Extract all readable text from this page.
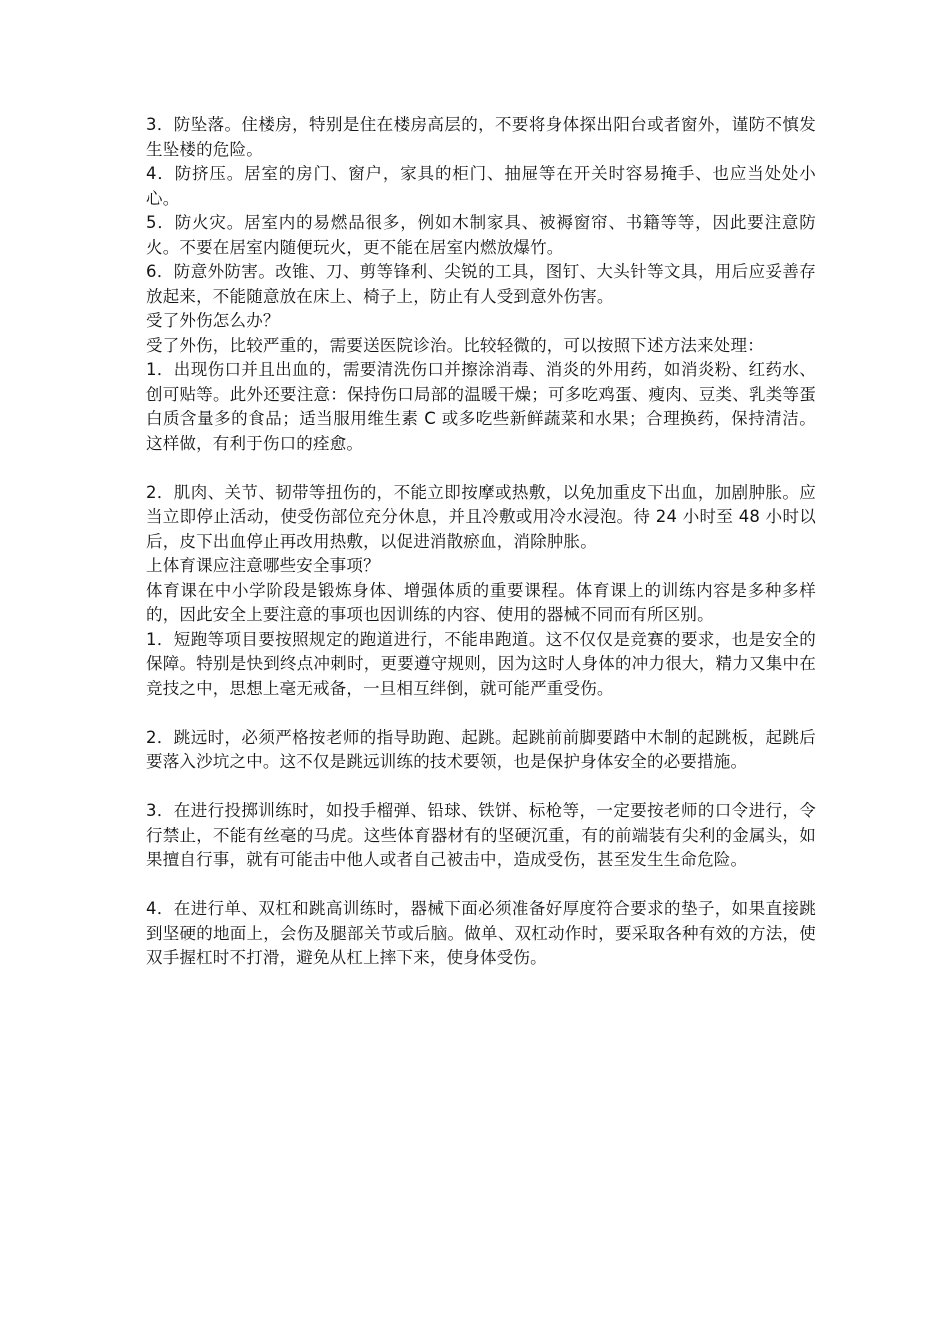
3．防坠落。住楼房，特别是住在楼房高层的，不要将身体探出阳台或者窗外，谨防不慎发生坠楼的危险。

4．防挤压。居室的房门、窗户，家具的柜门、抽屉等在开关时容易掩手、也应当处处小心。

5．防火灾。居室内的易燃品很多，例如木制家具、被褥窗帘、书籍等等，因此要注意防火。不要在居室内随便玩火，更不能在居室内燃放爆竹。

6．防意外防害。改锥、刀、剪等锋利、尖锐的工具，图钉、大头针等文具，用后应妥善存放起来，不能随意放在床上、椅子上，防止有人受到意外伤害。

受了外伤怎么办？

受了外伤，比较严重的，需要送医院诊治。比较轻微的，可以按照下述方法来处理：

1．出现伤口并且出血的，需要清洗伤口并擦涂消毒、消炎的外用药，如消炎粉、红药水、创可贴等。此外还要注意：保持伤口局部的温暖干燥；可多吃鸡蛋、瘦肉、豆类、乳类等蛋白质含量多的食品；适当服用维生素 C 或多吃些新鲜蔬菜和水果；合理换药，保持清洁。这样做，有利于伤口的痊愈。

2．肌肉、关节、韧带等扭伤的，不能立即按摩或热敷，以免加重皮下出血，加剧肿胀。应当立即停止活动，使受伤部位充分休息，并且冷敷或用冷水浸泡。待 24 小时至 48 小时以后，皮下出血停止再改用热敷，以促进消散瘀血，消除肿胀。

上体育课应注意哪些安全事项？

体育课在中小学阶段是锻炼身体、增强体质的重要课程。体育课上的训练内容是多种多样的，因此安全上要注意的事项也因训练的内容、使用的器械不同而有所区别。

1．短跑等项目要按照规定的跑道进行，不能串跑道。这不仅仅是竞赛的要求，也是安全的保障。特别是快到终点冲刺时，更要遵守规则，因为这时人身体的冲力很大，精力又集中在竞技之中，思想上毫无戒备，一旦相互绊倒，就可能严重受伤。

2．跳远时，必须严格按老师的指导助跑、起跳。起跳前前脚要踏中木制的起跳板，起跳后要落入沙坑之中。这不仅是跳远训练的技术要领，也是保护身体安全的必要措施。

3．在进行投掷训练时，如投手榴弹、铅球、铁饼、标枪等，一定要按老师的口令进行，令行禁止，不能有丝毫的马虎。这些体育器材有的坚硬沉重，有的前端装有尖利的金属头，如果擅自行事，就有可能击中他人或者自己被击中，造成受伤，甚至发生生命危险。

4．在进行单、双杠和跳高训练时，器械下面必须准备好厚度符合要求的垫子，如果直接跳到坚硬的地面上，会伤及腿部关节或后脑。做单、双杠动作时，要采取各种有效的方法，使双手握杠时不打滑，避免从杠上摔下来，使身体受伤。
